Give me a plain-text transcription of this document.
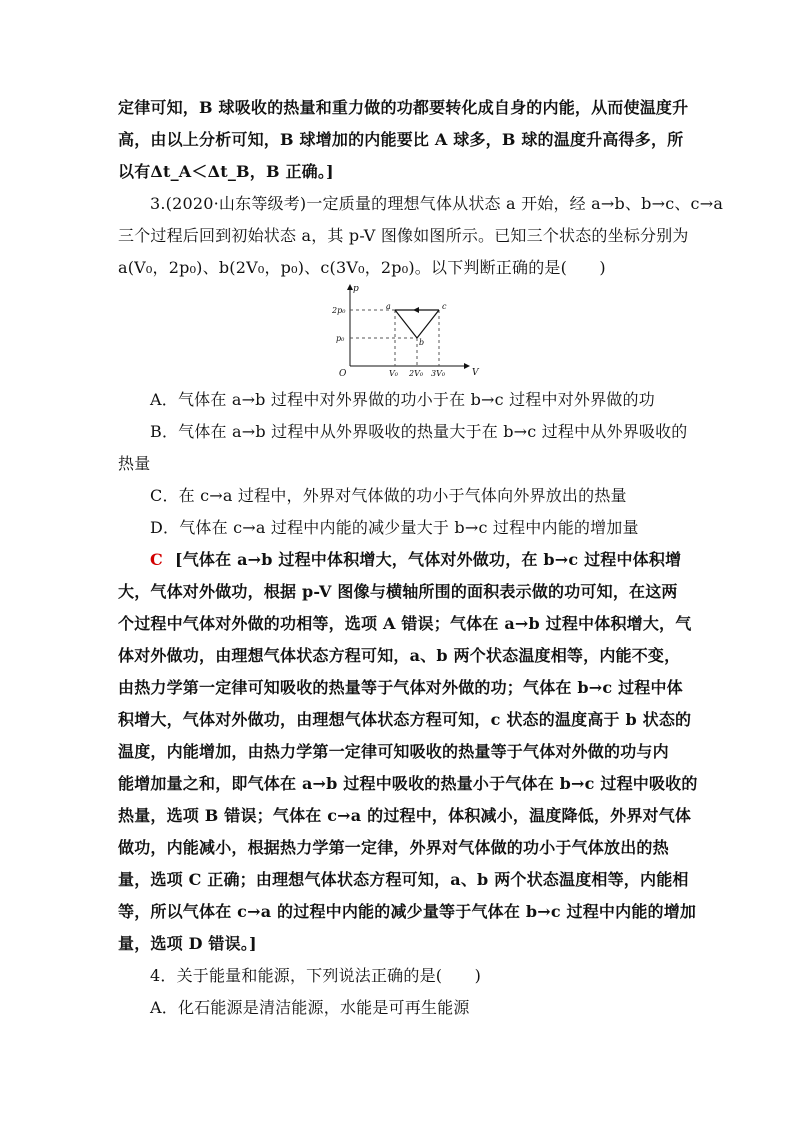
定律可知，B 球吸收的热量和重力做的功都要转化成自身的内能，从而使温度升
高，由以上分析可知，B 球增加的内能要比 A 球多，B 球的温度升高得多，所
以有Δt_A＜Δt_B，B 正确。]
3.(2020·山东等级考)一定质量的理想气体从状态 a 开始，经 a→b、b→c、c→a
三个过程后回到初始状态 a，其 p-V 图像如图所示。已知三个状态的坐标分别为
a(V₀，2p₀)、b(2V₀，p₀)、c(3V₀，2p₀)。以下判断正确的是(　　)
p
V
O
2p₀
p₀
V₀ 2V₀ 3V₀
a
b
c
A．气体在 a→b 过程中对外界做的功小于在 b→c 过程中对外界做的功
B．气体在 a→b 过程中从外界吸收的热量大于在 b→c 过程中从外界吸收的
热量
C．在 c→a 过程中，外界对气体做的功小于气体向外界放出的热量
D．气体在 c→a 过程中内能的减少量大于 b→c 过程中内能的增加量
C [气体在 a→b 过程中体积增大，气体对外做功，在 b→c 过程中体积增
大，气体对外做功，根据 p-V 图像与横轴所围的面积表示做的功可知，在这两
个过程中气体对外做的功相等，选项 A 错误；气体在 a→b 过程中体积增大，气
体对外做功，由理想气体状态方程可知，a、b 两个状态温度相等，内能不变，
由热力学第一定律可知吸收的热量等于气体对外做的功；气体在 b→c 过程中体
积增大，气体对外做功，由理想气体状态方程可知，c 状态的温度高于 b 状态的
温度，内能增加，由热力学第一定律可知吸收的热量等于气体对外做的功与内
能增加量之和，即气体在 a→b 过程中吸收的热量小于气体在 b→c 过程中吸收的
热量，选项 B 错误；气体在 c→a 的过程中，体积减小，温度降低，外界对气体
做功，内能减小，根据热力学第一定律，外界对气体做的功小于气体放出的热
量，选项 C 正确；由理想气体状态方程可知，a、b 两个状态温度相等，内能相
等，所以气体在 c→a 的过程中内能的减少量等于气体在 b→c 过程中内能的增加
量，选项 D 错误。]
4．关于能量和能源，下列说法正确的是(　　)
A．化石能源是清洁能源，水能是可再生能源
